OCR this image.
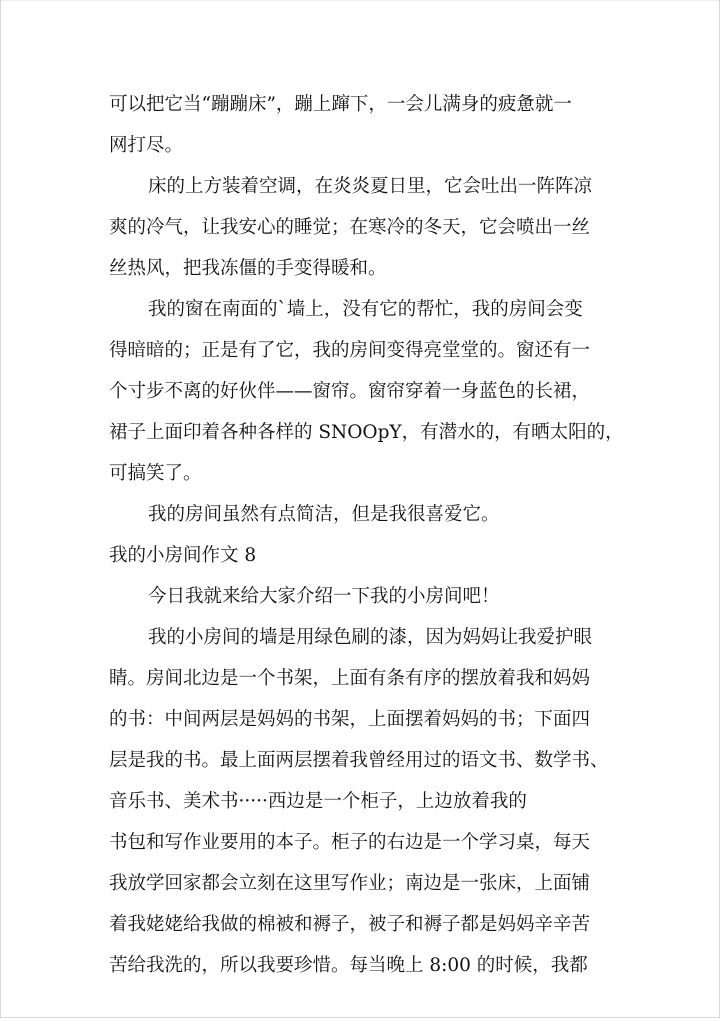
可以把它当“蹦蹦床”，蹦上蹿下，一会儿满身的疲惫就一
网打尽。
床的上方装着空调，在炎炎夏日里，它会吐出一阵阵凉
爽的冷气，让我安心的睡觉；在寒冷的冬天，它会喷出一丝
丝热风，把我冻僵的手变得暖和。
我的窗在南面的`墙上，没有它的帮忙，我的房间会变
得暗暗的；正是有了它，我的房间变得亮堂堂的。窗还有一
个寸步不离的好伙伴——窗帘。窗帘穿着一身蓝色的长裙，
裙子上面印着各种各样的 SNOOpY，有潜水的，有晒太阳的，
可搞笑了。
我的房间虽然有点简洁，但是我很喜爱它。
我的小房间作文 8
今日我就来给大家介绍一下我的小房间吧！
我的小房间的墙是用绿色刷的漆，因为妈妈让我爱护眼
睛。房间北边是一个书架，上面有条有序的摆放着我和妈妈
的书：中间两层是妈妈的书架，上面摆着妈妈的书；下面四
层是我的书。最上面两层摆着我曾经用过的语文书、数学书、
音乐书、美术书·····西边是一个柜子，上边放着我的
书包和写作业要用的本子。柜子的右边是一个学习桌，每天
我放学回家都会立刻在这里写作业；南边是一张床，上面铺
着我姥姥给我做的棉被和褥子，被子和褥子都是妈妈辛辛苦
苦给我洗的，所以我要珍惜。每当晚上 8:00 的时候，我都
